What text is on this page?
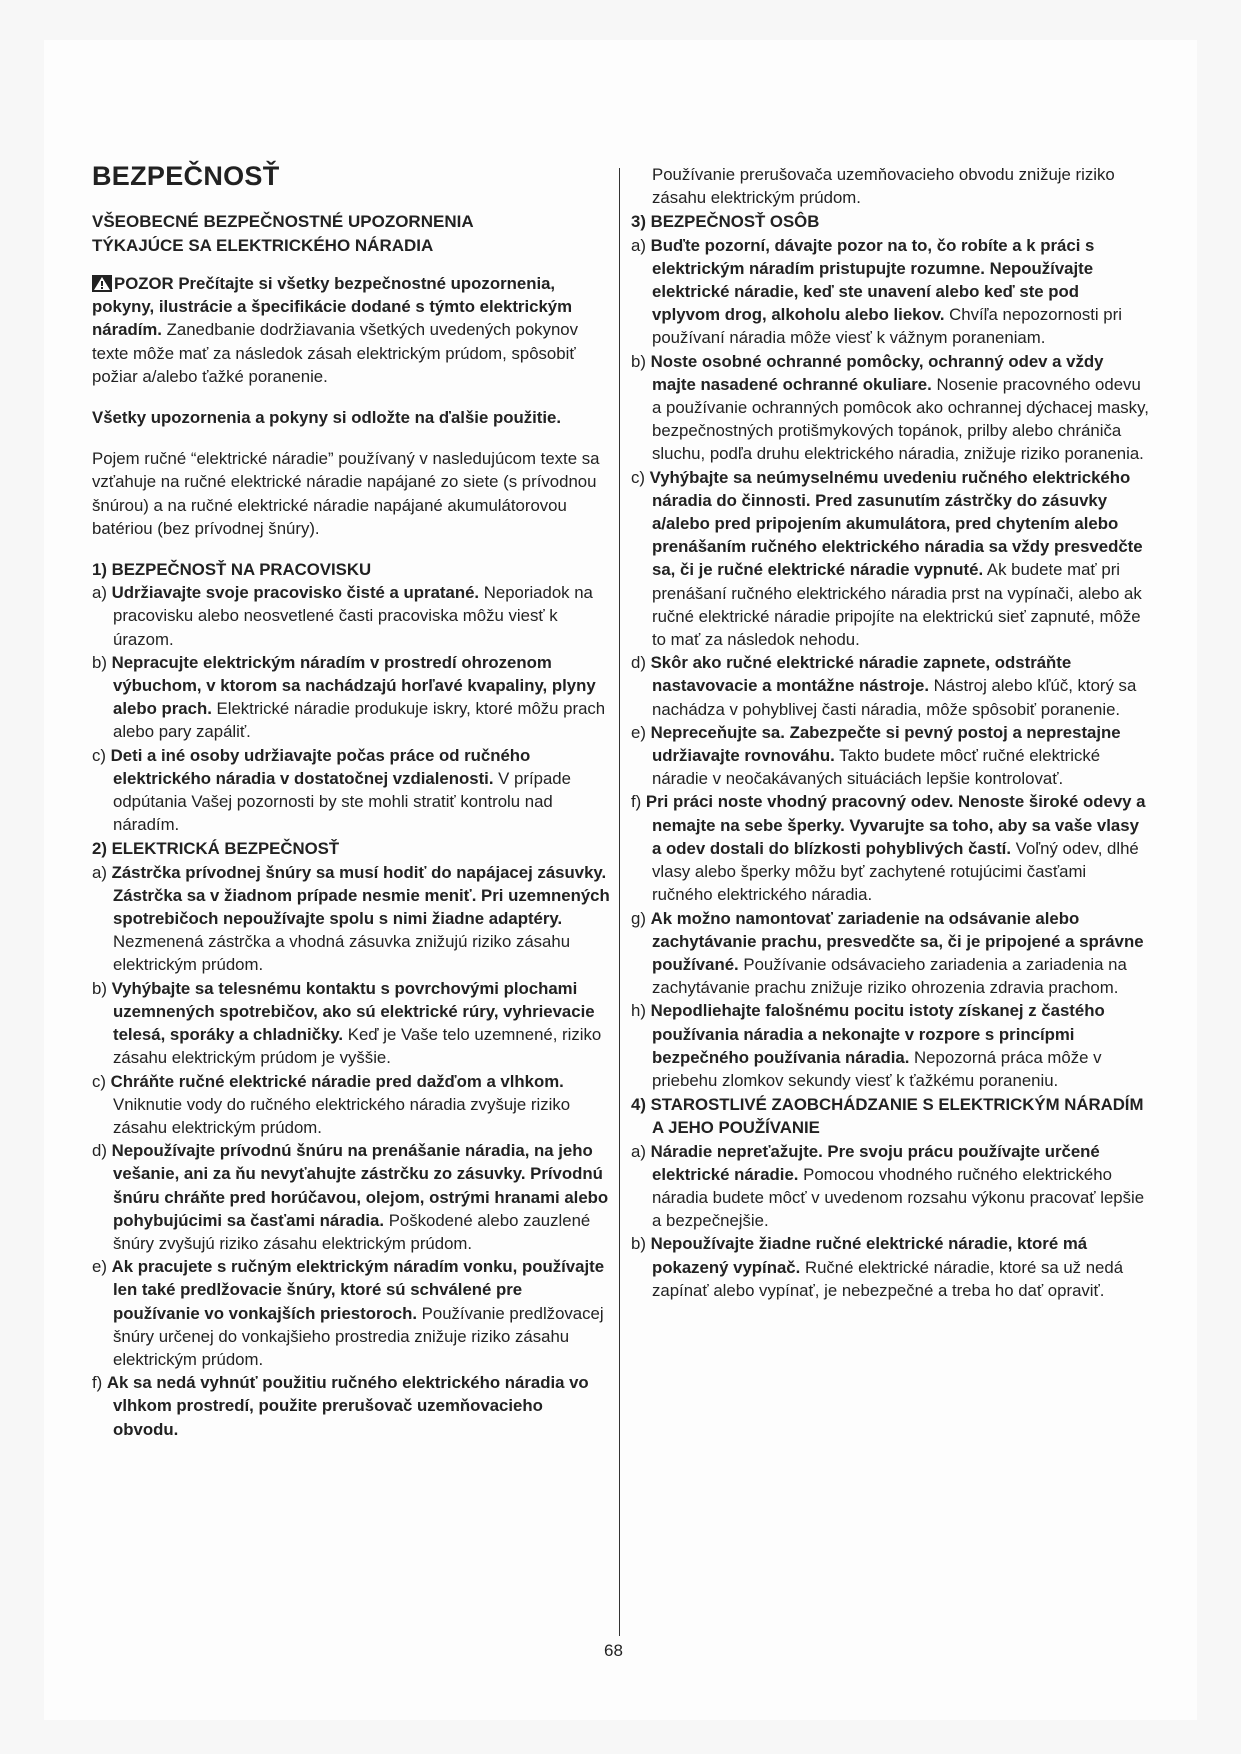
BEZPEČNOSŤ
VŠEOBECNÉ BEZPEČNOSTNÉ UPOZORNENIA
TÝKAJÚCE SA ELEKTRICKÉHO NÁRADIA

POZOR Prečítajte si všetky bezpečnostné upozornenia, pokyny, ilustrácie a špecifikácie dodané s týmto elektrickým náradím. Zanedbanie dodržiavania všetkých uvedených pokynov texte môže mať za následok zásah elektrickým prúdom, spôsobiť požiar a/alebo ťažké poranenie.

Všetky upozornenia a pokyny si odložte na ďalšie použitie.

Pojem ručné “elektrické náradie” používaný v nasledujúcom texte sa vzťahuje na ručné elektrické náradie napájané zo siete (s prívodnou šnúrou) a na ručné elektrické náradie napájané akumulátorovou batériou (bez prívodnej šnúry).

1) BEZPEČNOSŤ NA PRACOVISKU

a) Udržiavajte svoje pracovisko čisté a upratané. Neporiadok na pracovisku alebo neosvetlené časti pracoviska môžu viesť k úrazom.

b) Nepracujte elektrickým náradím v prostredí ohrozenom výbuchom, v ktorom sa nachádzajú horľavé kvapaliny, plyny alebo prach. Elektrické náradie produkuje iskry, ktoré môžu prach alebo pary zapáliť.

c) Deti a iné osoby udržiavajte počas práce od ručného elektrického náradia v dostatočnej vzdialenosti. V prípade odpútania Vašej pozornosti by ste mohli stratiť kontrolu nad náradím.

2) ELEKTRICKÁ BEZPEČNOSŤ

a) Zástrčka prívodnej šnúry sa musí hodiť do napájacej zásuvky. Zástrčka sa v žiadnom prípade nesmie meniť. Pri uzemnených spotrebičoch nepoužívajte spolu s nimi žiadne adaptéry. Nezmenená zástrčka a vhodná zásuvka znižujú riziko zásahu elektrickým prúdom.

b) Vyhýbajte sa telesnému kontaktu s povrchovými plochami uzemnených spotrebičov, ako sú elektrické rúry, vyhrievacie telesá, sporáky a chladničky. Keď je Vaše telo uzemnené, riziko zásahu elektrickým prúdom je vyššie.

c) Chráňte ručné elektrické náradie pred dažďom a vlhkom. Vniknutie vody do ručného elektrického náradia zvyšuje riziko zásahu elektrickým prúdom.

d) Nepoužívajte prívodnú šnúru na prenášanie náradia, na jeho vešanie, ani za ňu nevyťahujte zástrčku zo zásuvky. Prívodnú šnúru chráňte pred horúčavou, olejom, ostrými hranami alebo pohybujúcimi sa časťami náradia. Poškodené alebo zauzlené šnúry zvyšujú riziko zásahu elektrickým prúdom.

e) Ak pracujete s ručným elektrickým náradím vonku, používajte len také predlžovacie šnúry, ktoré sú schválené pre používanie vo vonkajších priestoroch. Používanie predlžovacej šnúry určenej do vonkajšieho prostredia znižuje riziko zásahu elektrickým prúdom.

f) Ak sa nedá vyhnúť použitiu ručného elektrického náradia vo vlhkom prostredí, použite prerušovač uzemňovacieho obvodu.

Používanie prerušovača uzemňovacieho obvodu znižuje riziko zásahu elektrickým prúdom.

3) BEZPEČNOSŤ OSÔB

a) Buďte pozorní, dávajte pozor na to, čo robíte a k práci s elektrickým náradím pristupujte rozumne. Nepoužívajte elektrické náradie, keď ste unavení alebo keď ste pod vplyvom drog, alkoholu alebo liekov. Chvíľa nepozornosti pri používaní náradia môže viesť k vážnym poraneniam.

b) Noste osobné ochranné pomôcky, ochranný odev a vždy majte nasadené ochranné okuliare. Nosenie pracovného odevu a používanie ochranných pomôcok ako ochrannej dýchacej masky, bezpečnostných protišmykových topánok, prilby alebo chrániča sluchu, podľa druhu elektrického náradia, znižuje riziko poranenia.

c) Vyhýbajte sa neúmyselnému uvedeniu ručného elektrického náradia do činnosti. Pred zasunutím zástrčky do zásuvky a/alebo pred pripojením akumulátora, pred chytením alebo prenášaním ručného elektrického náradia sa vždy presvedčte sa, či je ručné elektrické náradie vypnuté. Ak budete mať pri prenášaní ručného elektrického náradia prst na vypínači, alebo ak ručné elektrické náradie pripojíte na elektrickú sieť zapnuté, môže to mať za následok nehodu.

d) Skôr ako ručné elektrické náradie zapnete, odstráňte nastavovacie a montážne nástroje. Nástroj alebo kľúč, ktorý sa nachádza v pohyblivej časti náradia, môže spôsobiť poranenie.

e) Nepreceňujte sa. Zabezpečte si pevný postoj a neprestajne udržiavajte rovnováhu. Takto budete môcť ručné elektrické náradie v neočakávaných situáciách lepšie kontrolovať.

f) Pri práci noste vhodný pracovný odev. Nenoste široké odevy a nemajte na sebe šperky. Vyvarujte sa toho, aby sa vaše vlasy a odev dostali do blízkosti pohyblivých častí. Voľný odev, dlhé vlasy alebo šperky môžu byť zachytené rotujúcimi časťami ručného elektrického náradia.

g) Ak možno namontovať zariadenie na odsávanie alebo zachytávanie prachu, presvedčte sa, či je pripojené a správne používané. Používanie odsávacieho zariadenia a zariadenia na zachytávanie prachu znižuje riziko ohrozenia zdravia prachom.

h) Nepodliehajte falošnému pocitu istoty získanej z častého používania náradia a nekonajte v rozpore s princípmi bezpečného používania náradia. Nepozorná práca môže v priebehu zlomkov sekundy viesť k ťažkému poraneniu.

4) STAROSTLIVÉ ZAOBCHÁDZANIE S ELEKTRICKÝM NÁRADÍM A JEHO POUŽÍVANIE

a) Náradie nepreťažujte. Pre svoju prácu používajte určené elektrické náradie. Pomocou vhodného ručného elektrického náradia budete môcť v uvedenom rozsahu výkonu pracovať lepšie a bezpečnejšie.

b) Nepoužívajte žiadne ručné elektrické náradie, ktoré má pokazený vypínač. Ručné elektrické náradie, ktoré sa už nedá zapínať alebo vypínať, je nebezpečné a treba ho dať opraviť.

68
